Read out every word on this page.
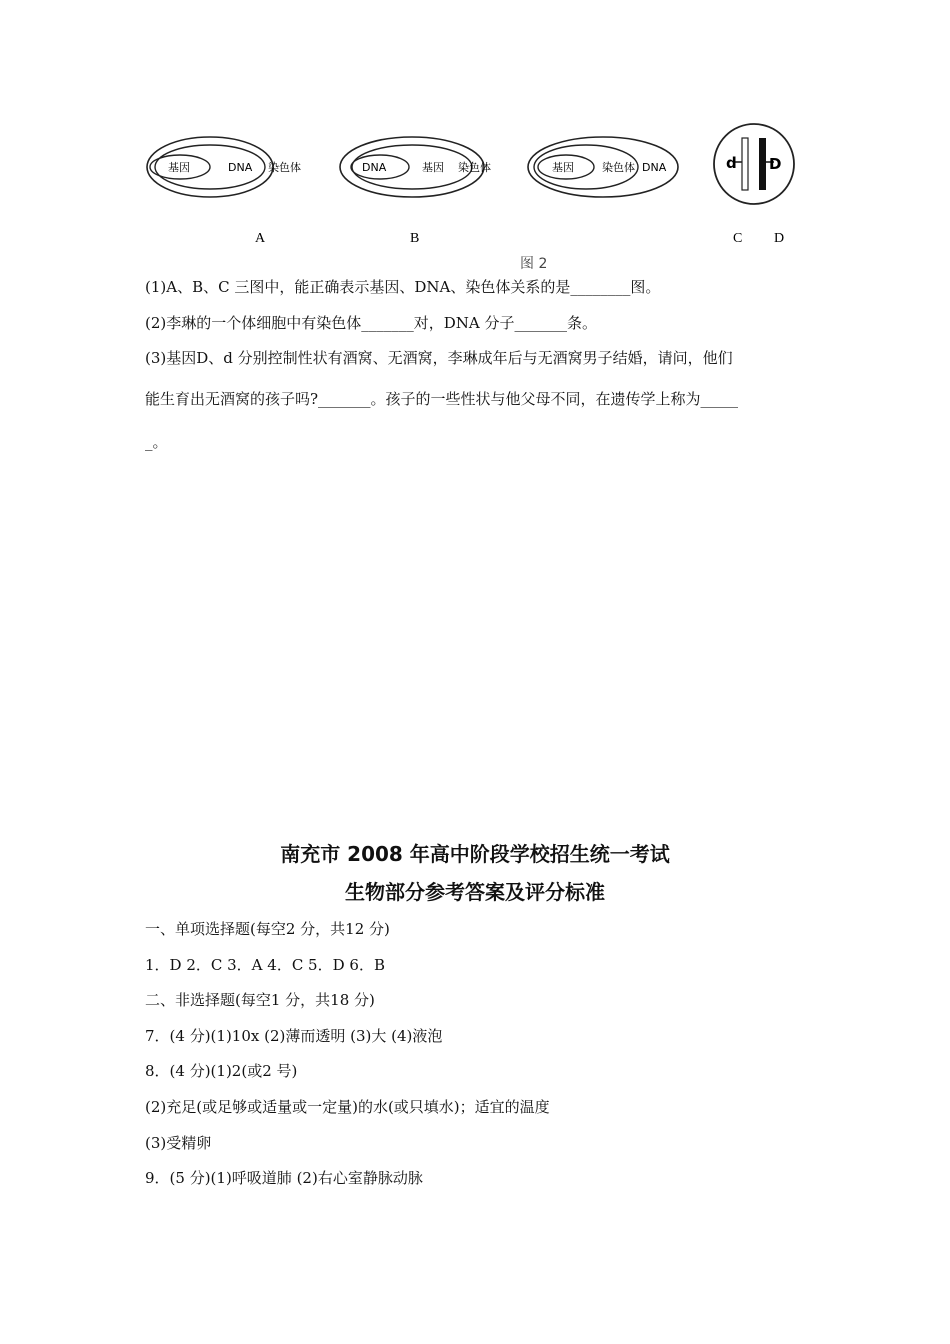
基因	DNA 染色体
A
DNA	基因 染色体
B
基因	染色体 DNA
C
d D
D
图 2
(1)A、B、C 三图中，能正确表示基因、DNA、染色体关系的是________图。
(2)李琳的一个体细胞中有染色体_______对，DNA 分子_______条。
(3)基因D、d 分别控制性状有酒窝、无酒窝，李琳成年后与无酒窝男子结婚，请问，他们
能生育出无酒窝的孩子吗?_______。孩子的一些性状与他父母不同，在遗传学上称为_____
_。
南充市 2008 年高中阶段学校招生统一考试
生物部分参考答案及评分标准
一、单项选择题(每空2 分，共12 分)
1．D 2．C 3．A 4．C 5．D 6．B
二、非选择题(每空1 分，共18 分)
7．(4 分)(1)10x (2)薄而透明 (3)大 (4)液泡
8．(4 分)(1)2(或2 号)
(2)充足(或足够或适量或一定量)的水(或只填水)；适宜的温度
(3)受精卵
9．(5 分)(1)呼吸道肺 (2)右心室静脉动脉
